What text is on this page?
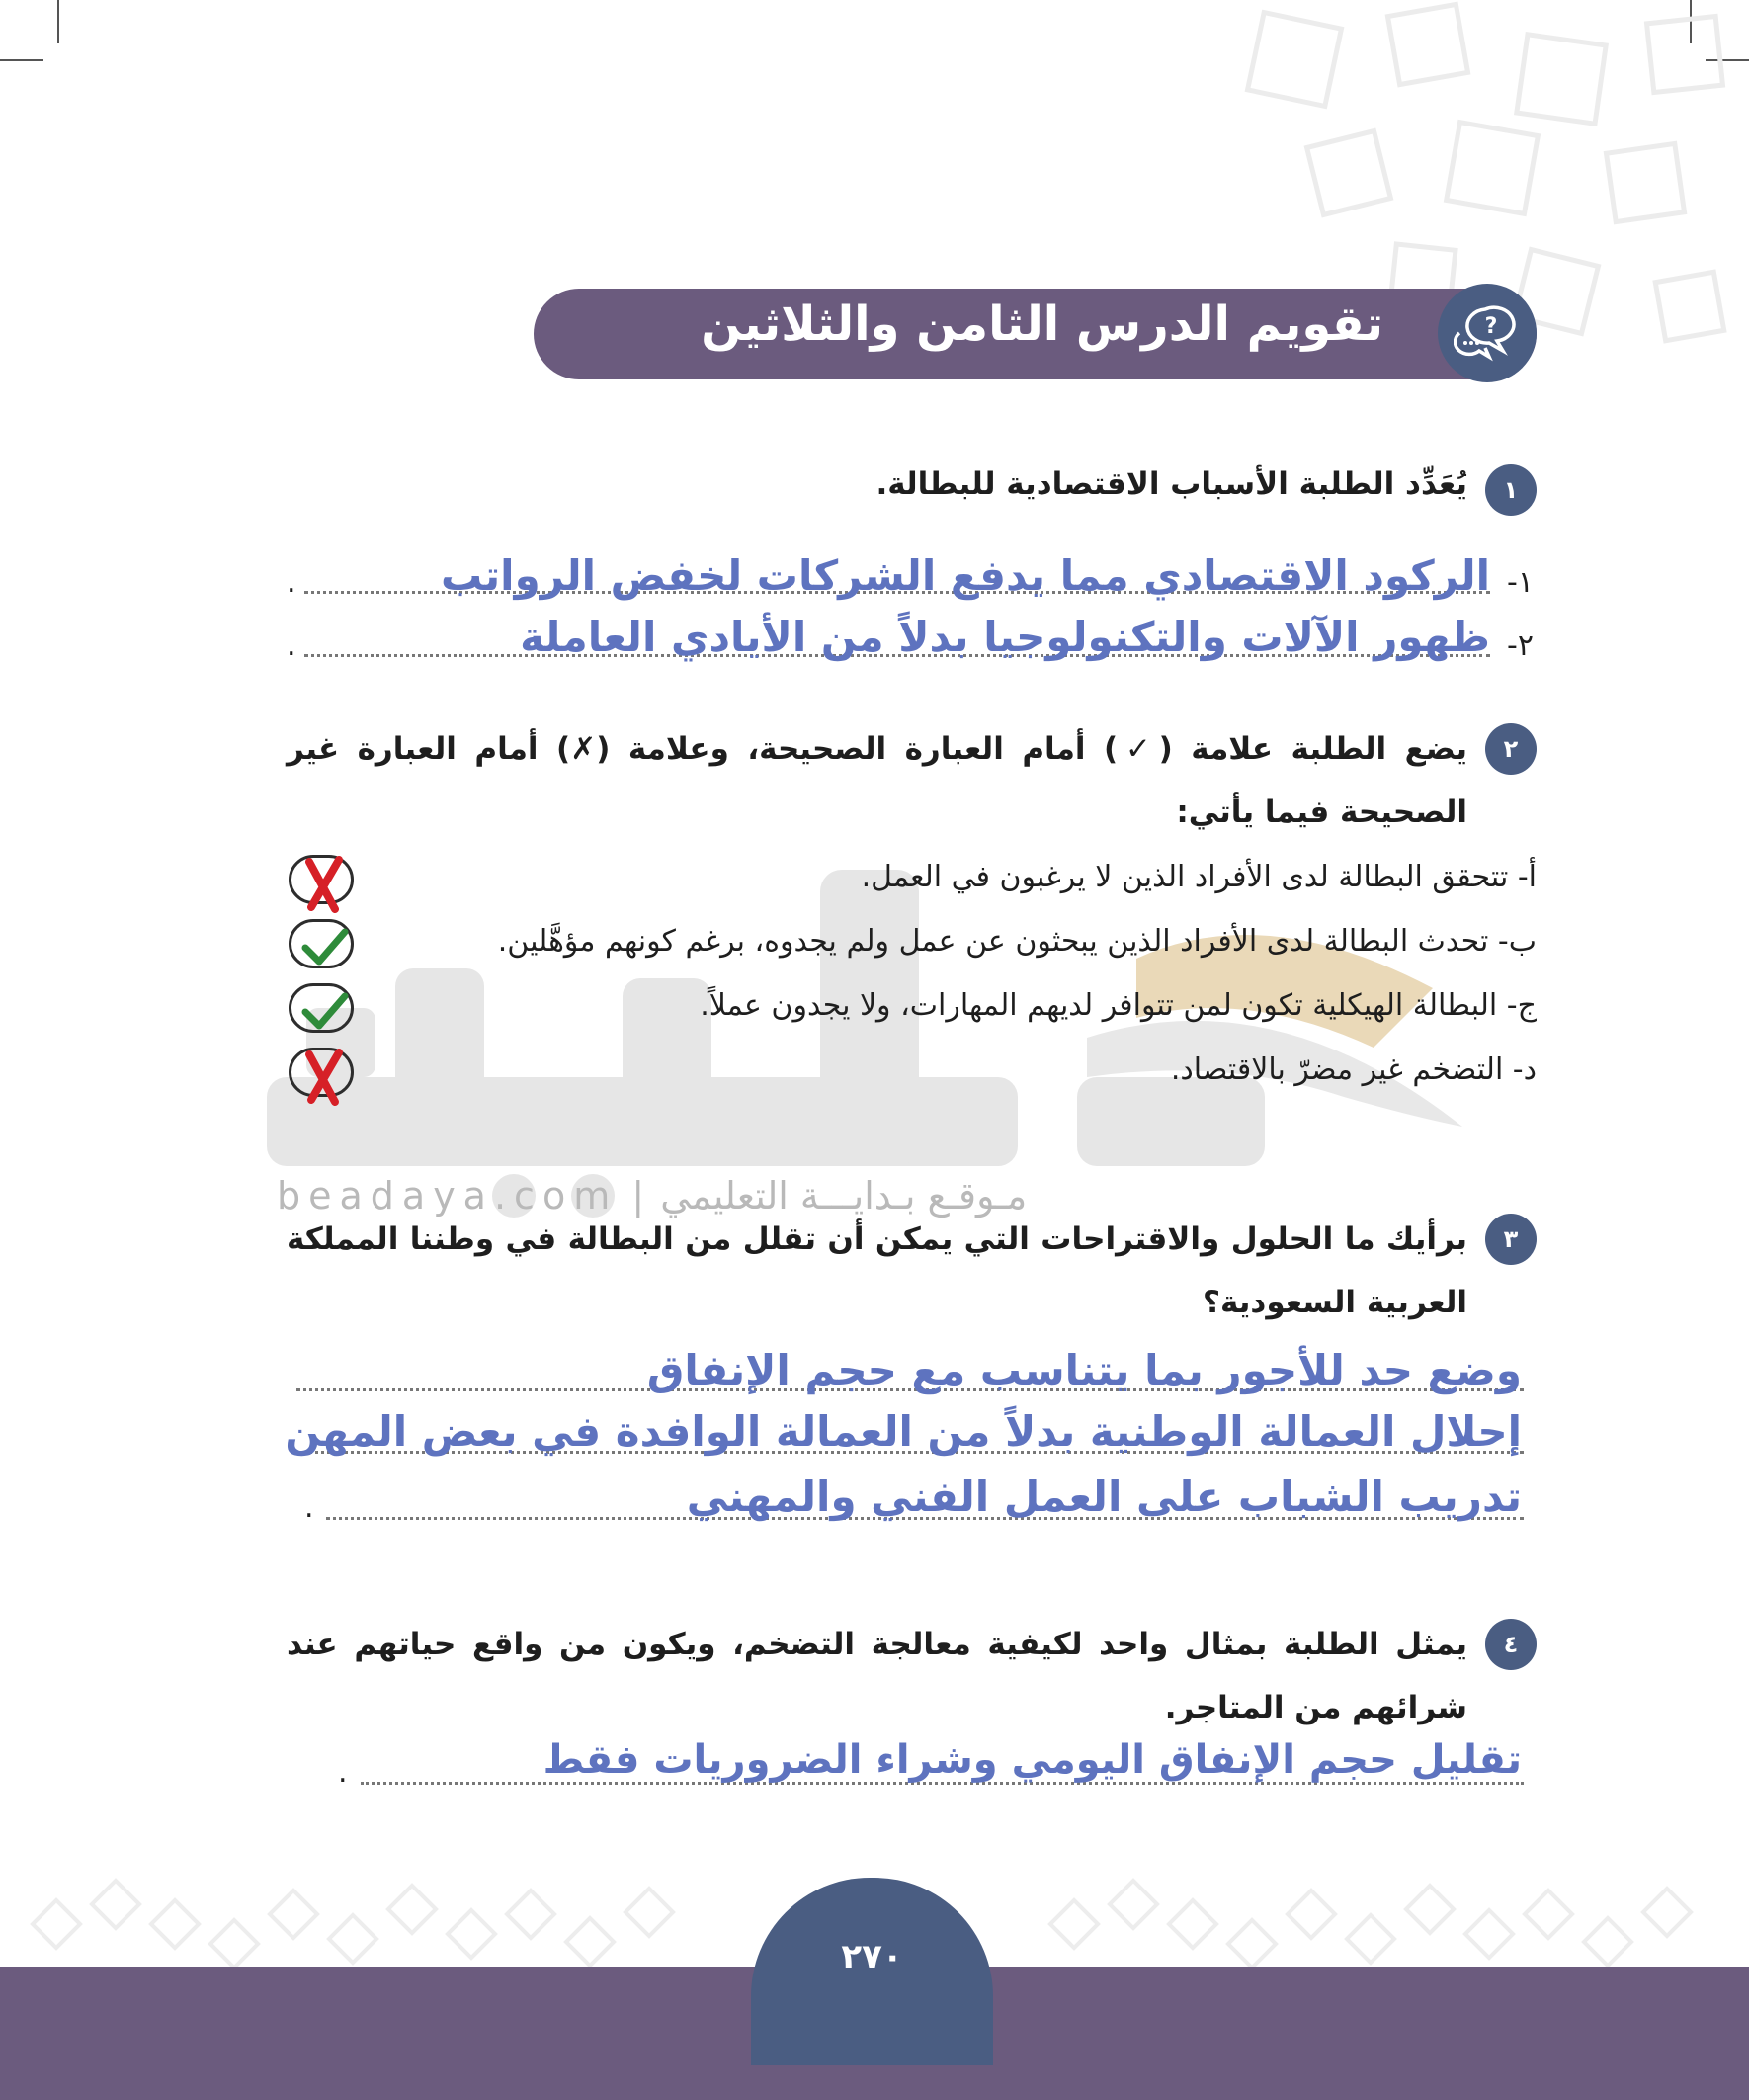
beadaya.com | مـوقـع بـدايـــة التعليمي
تقويم الدرس الثامن والثلاثين	?
١
يُعَدِّد الطلبة الأسباب الاقتصادية للبطالة.
١-
.	الركود الاقتصادي مما يدفع الشركات لخفض الرواتب
٢-
.	ظهور الآلات والتكنولوجيا بدلاً من الأيادي العاملة
٢
يضع الطلبة علامة (✓) أمام العبارة الصحيحة، وعلامة (✗) أمام العبارة غير الصحيحة فيما يأتي:
أ- تتحقق البطالة لدى الأفراد الذين لا يرغبون في العمل.
ب- تحدث البطالة لدى الأفراد الذين يبحثون عن عمل ولم يجدوه، برغم كونهم مؤهَّلين.
ج- البطالة الهيكلية تكون لمن تتوافر لديهم المهارات، ولا يجدون عملاً.
د- التضخم غير مضرّ بالاقتصاد.
٣
برأيك ما الحلول والاقتراحات التي يمكن أن تقلل من البطالة في وطننا المملكة العربية السعودية؟
وضع حد للأجور بما يتناسب مع حجم الإنفاق
إحلال العمالة الوطنية بدلاً من العمالة الوافدة في بعض المهن
.	تدريب الشباب على العمل الفني والمهني
٤
يمثل الطلبة بمثال واحد لكيفية معالجة التضخم، ويكون من واقع حياتهم عند شرائهم من المتاجر.
.	تقليل حجم الإنفاق اليومي وشراء الضروريات فقط
٢٧٠
